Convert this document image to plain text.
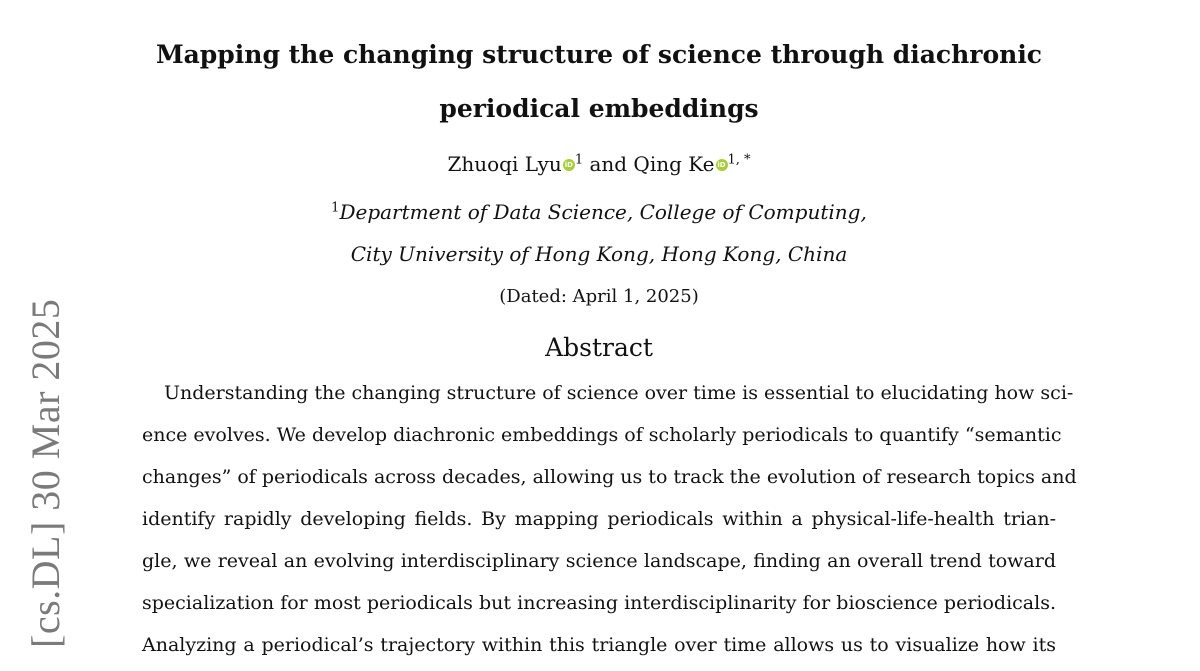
[cs.DL] 30 Mar 2025
Mapping the changing structure of science through diachronic
periodical embeddings
Zhuoqi Lyu iD $^1$ and Qing Ke iD $^{1, *}$
$^1$Department of Data Science, College of Computing,
City University of Hong Kong, Hong Kong, China
(Dated: April 1, 2025)
Abstract
Understanding the changing structure of science over time is essential to elucidating how sci-
ence evolves. We develop diachronic embeddings of scholarly periodicals to quantify “semantic
changes” of periodicals across decades, allowing us to track the evolution of research topics and
identify rapidly developing fields. By mapping periodicals within a physical-life-health trian-
gle, we reveal an evolving interdisciplinary science landscape, finding an overall trend toward
specialization for most periodicals but increasing interdisciplinarity for bioscience periodicals.
Analyzing a periodical’s trajectory within this triangle over time allows us to visualize how its
